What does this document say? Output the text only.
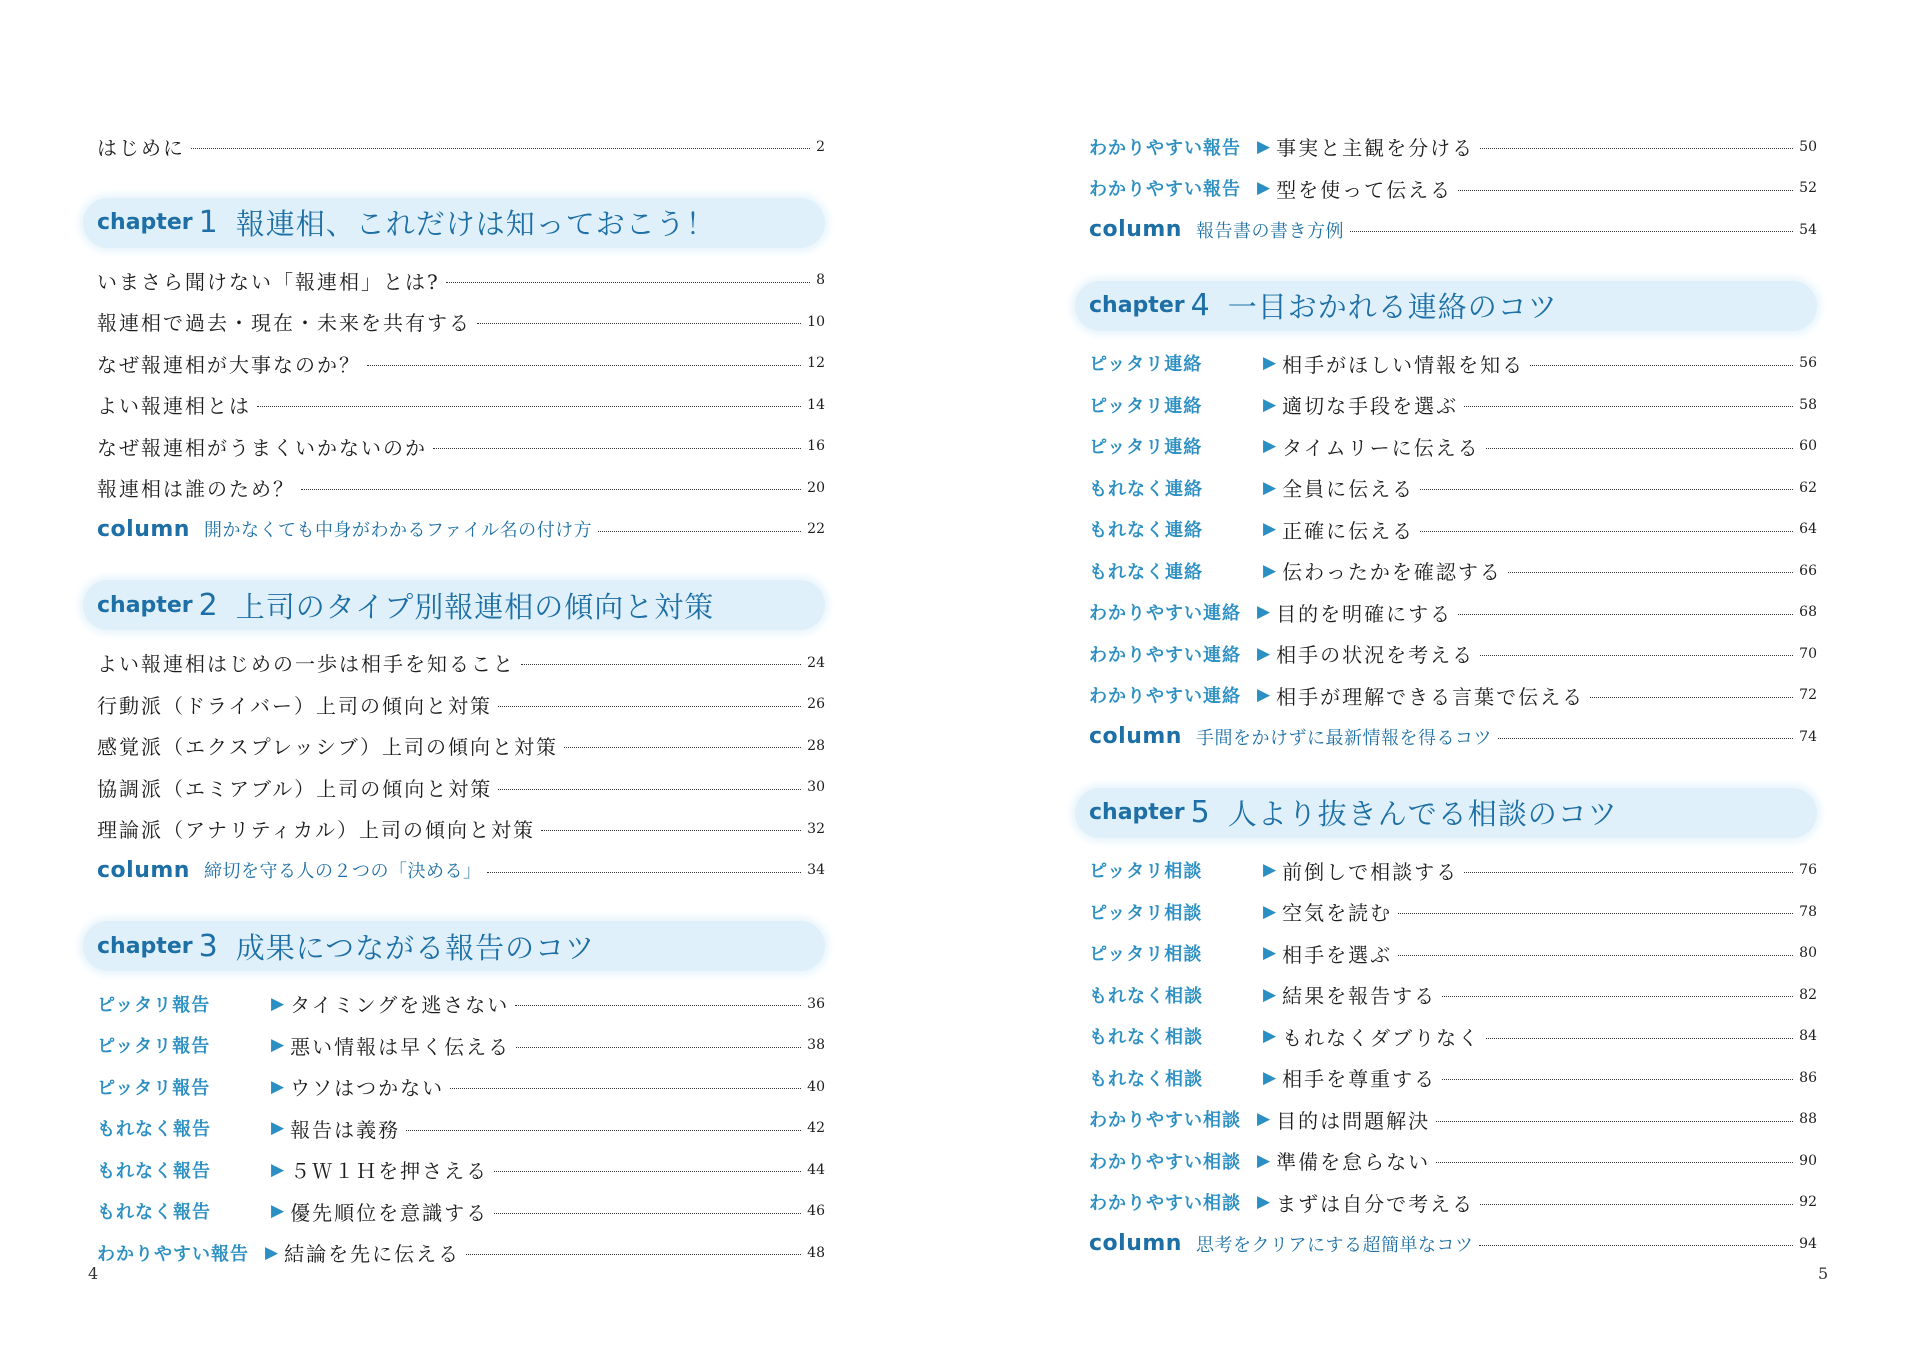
はじめに	2
chapter 1 報連相、これだけは知っておこう！
いまさら聞けない「報連相」とは?	8
報連相で過去・現在・未来を共有する	10
なぜ報連相が大事なのか？	12
よい報連相とは	14
なぜ報連相がうまくいかないのか	16
報連相は誰のため？	20
column 開かなくても中身がわかるファイル名の付け方	22
chapter 2 上司のタイプ別報連相の傾向と対策
よい報連相はじめの一歩は相手を知ること	24
行動派（ドライバー）上司の傾向と対策	26
感覚派（エクスプレッシブ）上司の傾向と対策	28
協調派（エミアブル）上司の傾向と対策	30
理論派（アナリティカル）上司の傾向と対策	32
column 締切を守る人の２つの「決める」	34
chapter 3 成果につながる報告のコツ
ピッタリ報告	▶ タイミングを逃さない	36
ピッタリ報告	▶ 悪い情報は早く伝える	38
ピッタリ報告	▶ ウソはつかない	40
もれなく報告	▶ 報告は義務	42
もれなく報告	▶ ５Ｗ１Ｈを押さえる	44
もれなく報告	▶ 優先順位を意識する	46
わかりやすい報告 ▶ 結論を先に伝える	48
4
わかりやすい報告 ▶ 事実と主観を分ける	50
わかりやすい報告 ▶ 型を使って伝える	52
column 報告書の書き方例	54
chapter 4 一目おかれる連絡のコツ
ピッタリ連絡	▶ 相手がほしい情報を知る	56
ピッタリ連絡	▶ 適切な手段を選ぶ	58
ピッタリ連絡	▶ タイムリーに伝える	60
もれなく連絡	▶ 全員に伝える	62
もれなく連絡	▶ 正確に伝える	64
もれなく連絡	▶ 伝わったかを確認する	66
わかりやすい連絡 ▶ 目的を明確にする	68
わかりやすい連絡 ▶ 相手の状況を考える	70
わかりやすい連絡 ▶ 相手が理解できる言葉で伝える	72
column 手間をかけずに最新情報を得るコツ	74
chapter 5 人より抜きんでる相談のコツ
ピッタリ相談	▶ 前倒しで相談する	76
ピッタリ相談	▶ 空気を読む	78
ピッタリ相談	▶ 相手を選ぶ	80
もれなく相談	▶ 結果を報告する	82
もれなく相談	▶ もれなくダブりなく	84
もれなく相談	▶ 相手を尊重する	86
わかりやすい相談 ▶ 目的は問題解決	88
わかりやすい相談 ▶ 準備を怠らない	90
わかりやすい相談 ▶ まずは自分で考える	92
column 思考をクリアにする超簡単なコツ	94
5
